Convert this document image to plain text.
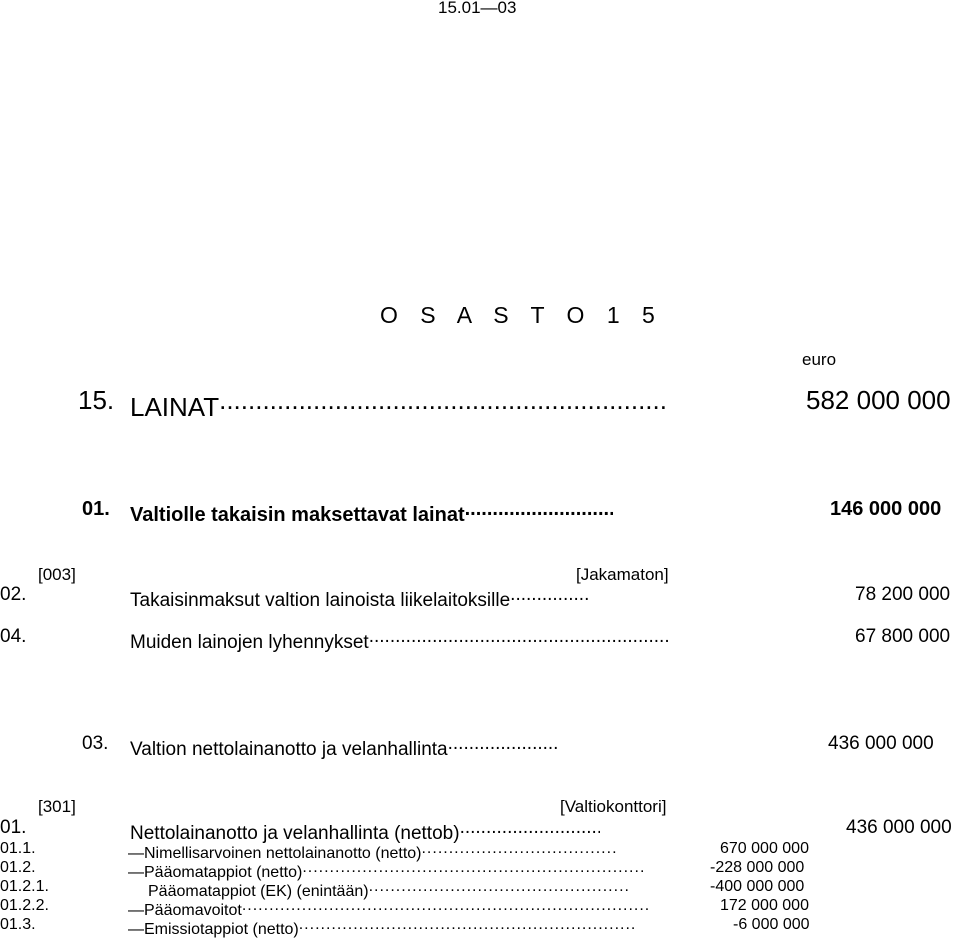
15.01—03
O S A S T O 1 5
euro
15. LAINAT .....	582 000 000
01. Valtiolle takaisin maksettavat lainat .....	146 000 000
[003]	[Jakamaton]
02.	Takaisinmaksut valtion lainoista liikelaitoksille .....	78 200 000
04.	Muiden lainojen lyhennykset .....	67 800 000
03. Valtion nettolainanotto ja velanhallinta .....	436 000 000
[301]	[Valtiokonttori]
01.	Nettolainanotto ja velanhallinta (nettob) .....	436 000 000
01.1.	—Nimellisarvoinen nettolainanotto (netto) .....	670 000 000
01.2.	—Pääomatappiot (netto) .....	-228 000 000
01.2.1.	Pääomatappiot (EK) (enintään) .....	-400 000 000
01.2.2.	—Pääomavoitot .....	172 000 000
01.3.	—Emissiotappiot (netto) .....	-6 000 000
